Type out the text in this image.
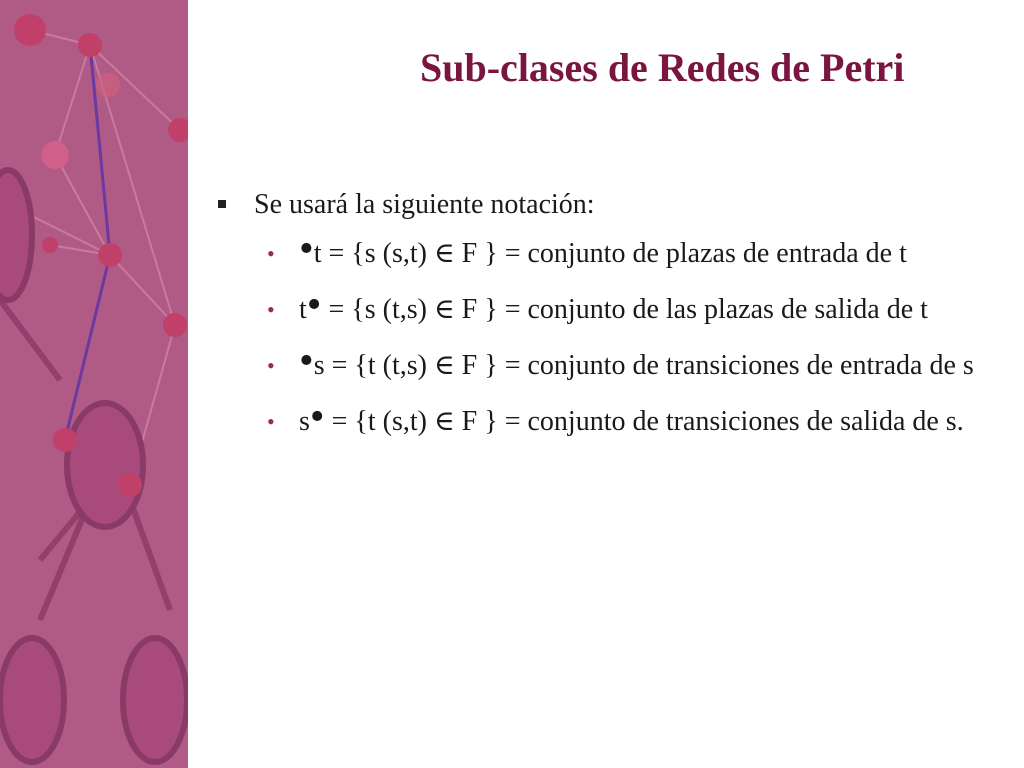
Sub-clases de Redes de Petri
Se usará la siguiente notación:
• •t = {s (s,t) ∈ F } = conjunto de plazas de entrada de t
• t• = {s (t,s) ∈ F } = conjunto de las plazas de salida de t
• •s = {t (t,s) ∈ F } = conjunto de transiciones de entrada de s
• s• = {t (s,t) ∈ F } = conjunto de transiciones de salida de s.
